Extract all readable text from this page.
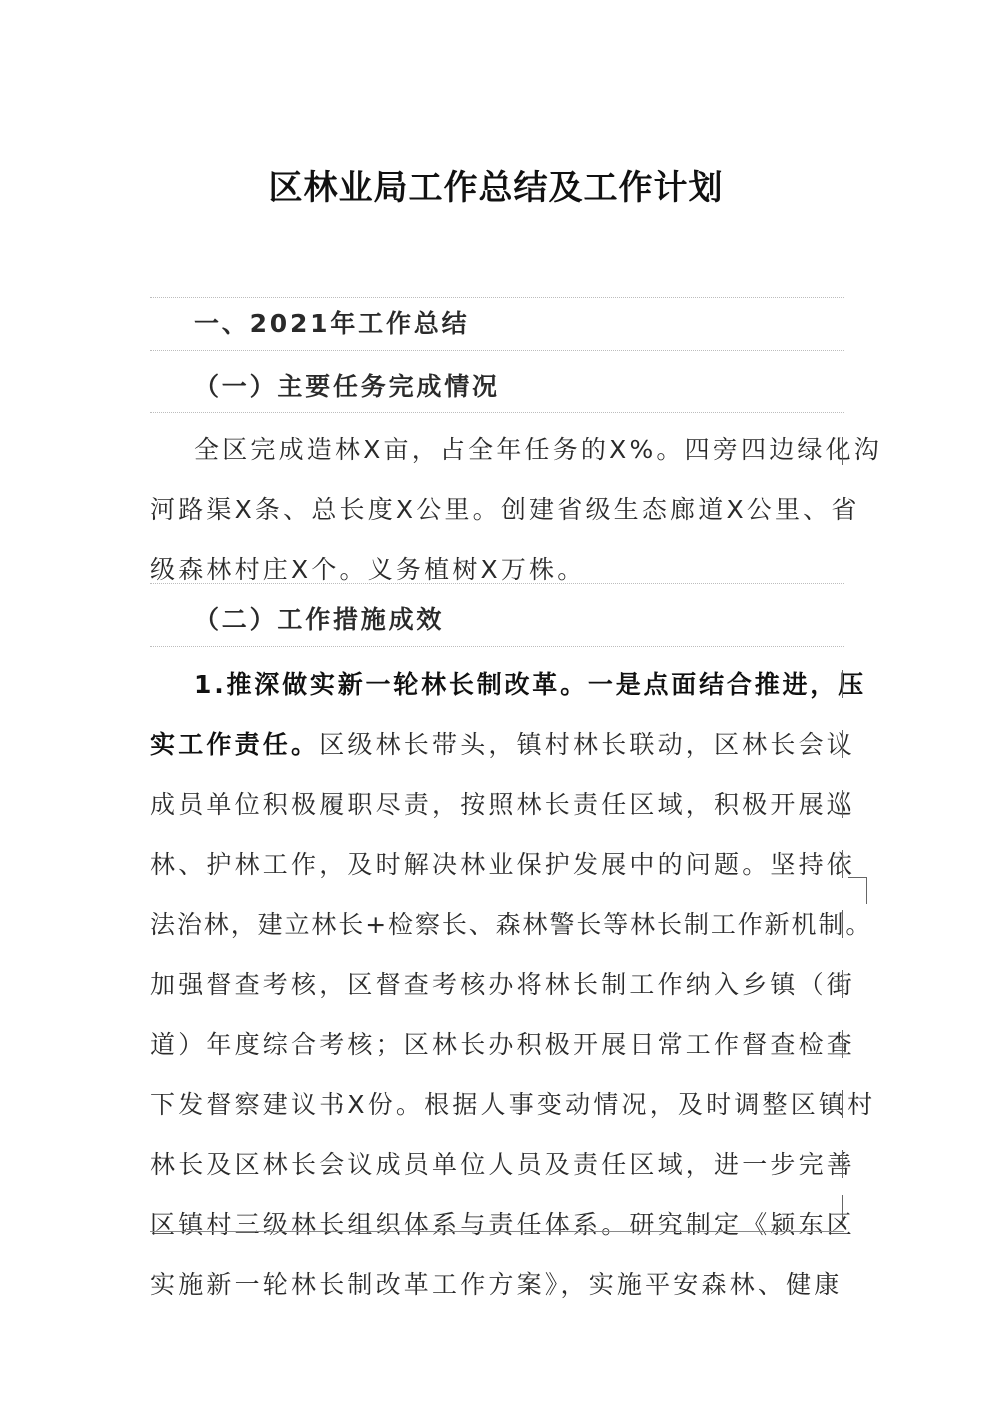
区林业局工作总结及工作计划
一、2021年工作总结
（一）主要任务完成情况
全区完成造林X亩，占全年任务的X%。四旁四边绿化沟
河路渠X条、总长度X公里。创建省级生态廊道X公里、省
级森林村庄X个。义务植树X万株。
（二）工作措施成效
1.推深做实新一轮林长制改革。一是点面结合推进，压
实工作责任。区级林长带头，镇村林长联动，区林长会议
成员单位积极履职尽责，按照林长责任区域，积极开展巡
林、护林工作，及时解决林业保护发展中的问题。坚持依
法治林，建立林长+检察长、森林警长等林长制工作新机制。
加强督查考核，区督查考核办将林长制工作纳入乡镇（街
道）年度综合考核；区林长办积极开展日常工作督查检查
下发督察建议书X份。根据人事变动情况，及时调整区镇村
林长及区林长会议成员单位人员及责任区域，进一步完善
区镇村三级林长组织体系与责任体系。研究制定《颍东区
实施新一轮林长制改革工作方案》，实施平安森林、健康
